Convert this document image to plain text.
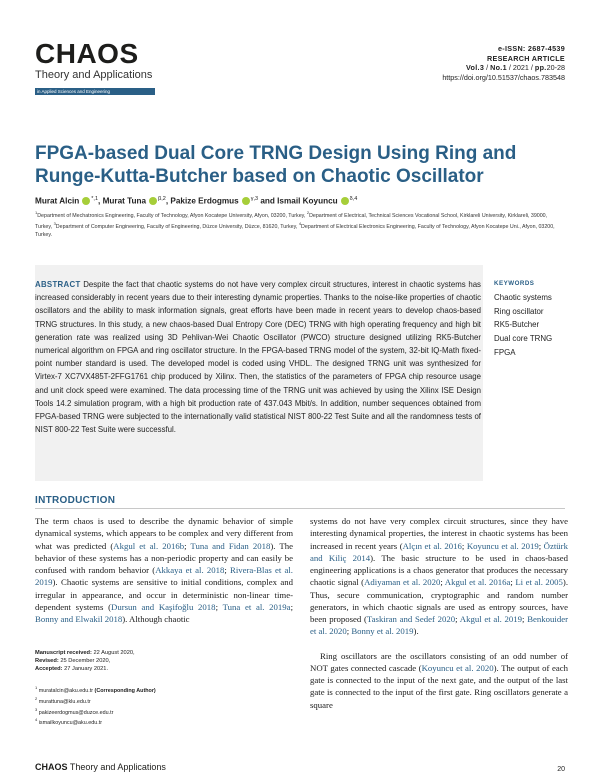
CHAOS
Theory and Applications
in Applied Sciences and Engineering
e-ISSN: 2687-4539
RESEARCH ARTICLE
Vol.3 / No.1 / 2021 / pp.20-28
https://doi.org/10.51537/chaos.783548
FPGA-based Dual Core TRNG Design Using Ring and Runge-Kutta-Butcher based on Chaotic Oscillator
Murat Alcin $^{*,1}$, Murat Tuna $^{\beta,2}$, Pakize Erdogmus $^{\gamma,3}$ and Ismail Koyuncu $^{\delta,4}$
$^1$Department of Mechatronics Engineering, Faculty of Technology, Afyon Kocatepe University, Afyon, 03200, Turkey, $^2$Department of Electrical, Technical Sciences Vocational School, Kirklareli University, Kirklareli, 39000, Turkey, $^3$Department of Computer Engineering, Faculty of Engineering, Düzce University, Düzce, 81620, Turkey, $^4$Department of Electrical Electronics Engineering, Faculty of Technology, Afyon Kocatepe Uni., Afyon, 03200, Turkey.
ABSTRACT Despite the fact that chaotic systems do not have very complex circuit structures, interest in chaotic systems has increased considerably in recent years due to their interesting dynamic properties. Thanks to the noise-like properties of chaotic oscillators and the ability to mask information signals, great efforts have been made in recent years to develop chaos-based TRNG structures. In this study, a new chaos-based Dual Entropy Core (DEC) TRNG with high operating frequency and high bit generation rate was realized using 3D Pehlivan-Wei Chaotic Oscillator (PWCO) structure designed utilizing RK5-Butcher numerical algorithm on FPGA and ring oscillator structure. In the FPGA-based TRNG model of the system, 32-bit IQ-Math fixed-point number standard is used. The developed model is coded using VHDL. The designed TRNG unit was synthesized for Virtex-7 XC7VX485T-2FFG1761 chip produced by Xilinx. Then, the statistics of the parameters of FPGA chip resource usage and unit clock speed were examined. The data processing time of the TRNG unit was achieved by using the Xilinx ISE Design Tools 14.2 simulation program, with a high bit production rate of 437.043 Mbit/s. In addition, number sequences obtained from FPGA-based TRNG were subjected to the internationally valid statistical NIST 800-22 Test Suite and all the randomness tests of NIST 800-22 Test Suite were successful.
KEYWORDS
Chaotic systems
Ring oscillator
RK5-Butcher
Dual core TRNG
FPGA
INTRODUCTION

The term chaos is used to describe the dynamic behavior of simple dynamical systems, which appears to be complex and very different from what was predicted (Akgul et al. 2016b; Tuna and Fidan 2018). The behavior of these systems has a non-periodic property and can easily be confused with random behavior (Akkaya et al. 2018; Rivera-Blas et al. 2019). Chaotic systems are sensitive to initial conditions, complex and irregular in appearance, and occur in deterministic non-linear time-dependent systems (Dursun and Kaşifoğlu 2018; Tuna et al. 2019a; Bonny and Elwakil 2018). Although chaotic

systems do not have very complex circuit structures, since they have interesting dynamical properties, the interest in chaotic systems has been increased in recent years (Alçın et al. 2016; Koyuncu et al. 2019; Öztürk and Kiliç 2014). The basic structure to be used in chaos-based engineering applications is a chaos generator that produces the necessary chaotic signal (Adiyaman et al. 2020; Akgul et al. 2016a; Li et al. 2005). Thus, secure communication, cryptographic and random number generators, in which chaotic signals are used as entropy sources, have been proposed (Taskiran and Sedef 2020; Akgul et al. 2019; Benkouider et al. 2020; Bonny et al. 2019).

Ring oscillators are the oscillators consisting of an odd number of NOT gates connected cascade (Koyuncu et al. 2020). The output of each gate is connected to the input of the next gate, and the output of the last gate is connected to the input of the first gate. Ring oscillators generate a square

Manuscript received: 22 August 2020,
Revised: 25 December 2020,
Accepted: 27 January 2021.
$^1$ muratalcin@aku.edu.tr (Corresponding Author)
$^2$ murattuna@klu.edu.tr
$^3$ pakizeerdogmus@duzce.edu.tr
$^4$ ismailkoyuncu@aku.edu.tr
CHAOS Theory and Applications	20
